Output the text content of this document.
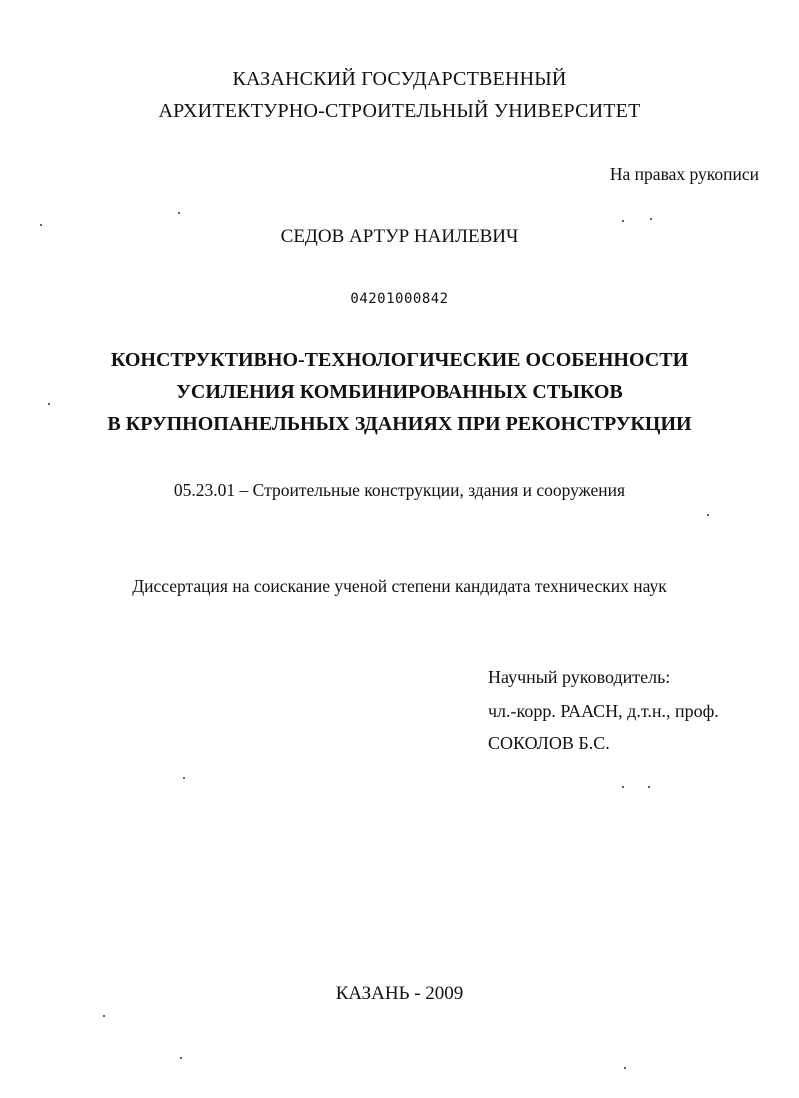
КАЗАНСКИЙ ГОСУДАРСТВЕННЫЙ
АРХИТЕКТУРНО-СТРОИТЕЛЬНЫЙ УНИВЕРСИТЕТ
На правах рукописи
СЕДОВ АРТУР НАИЛЕВИЧ
04201000842
КОНСТРУКТИВНО-ТЕХНОЛОГИЧЕСКИЕ ОСОБЕННОСТИ
УСИЛЕНИЯ КОМБИНИРОВАННЫХ СТЫКОВ
В КРУПНОПАНЕЛЬНЫХ ЗДАНИЯХ ПРИ РЕКОНСТРУКЦИИ
05.23.01 – Строительные конструкции, здания и сооружения
Диссертация на соискание ученой степени кандидата технических наук
Научный руководитель:
чл.-корр. РААСН, д.т.н., проф.
СОКОЛОВ Б.С.
КАЗАНЬ - 2009
